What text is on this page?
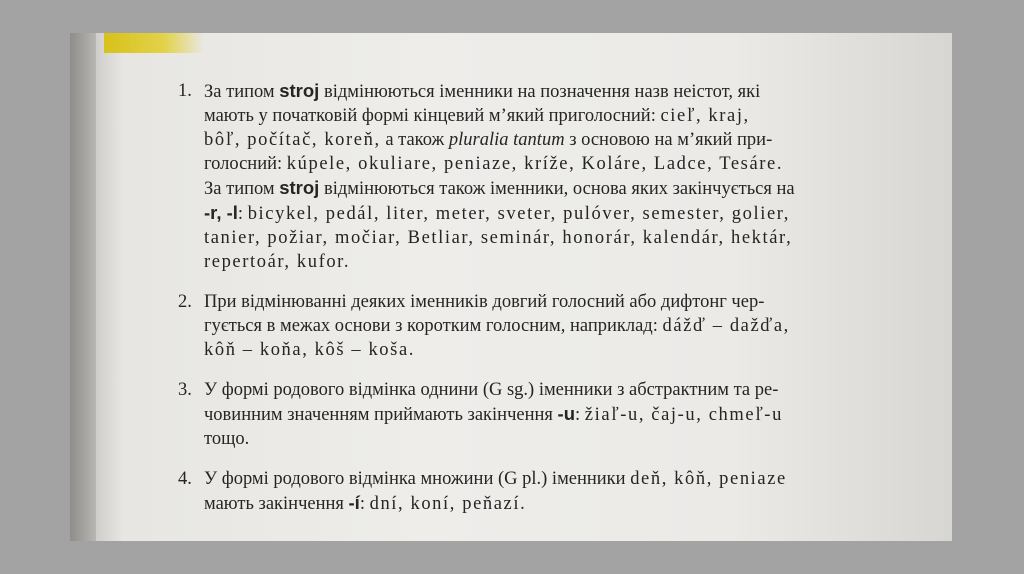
1. За типом stroj відмінюються іменники на позначення назв неістот, які
мають у початковій формі кінцевий м’який приголосний: cieľ, kraj,
bôľ, počítač, koreň, а також pluralia tantum з основою на м’який при-
голосний: kúpele, okuliare, peniaze, kríže, Koláre, Ladce, Tesáre.
За типом stroj відмінюються також іменники, основа яких закінчується на
-r, -l: bicykel, pedál, liter, meter, sveter, pulóver, semester, golier,
tanier, požiar, močiar, Betliar, seminár, honorár, kalendár, hektár,
repertoár, kufor.
2. При відмінюванні деяких іменників довгий голосний або дифтонг чер-
гується в межах основи з коротким голосним, наприклад: dážď – dažďa,
kôň – koňa, kôš – koša.
3. У формі родового відмінка однини (G sg.) іменники з абстрактним та ре-
човинним значенням приймають закінчення -u: žiaľ-u, čaj-u, chmeľ-u
тощо.
4. У формі родового відмінка множини (G pl.) іменники deň, kôň, peniaze
мають закінчення -í: dní, koní, peňazí.
